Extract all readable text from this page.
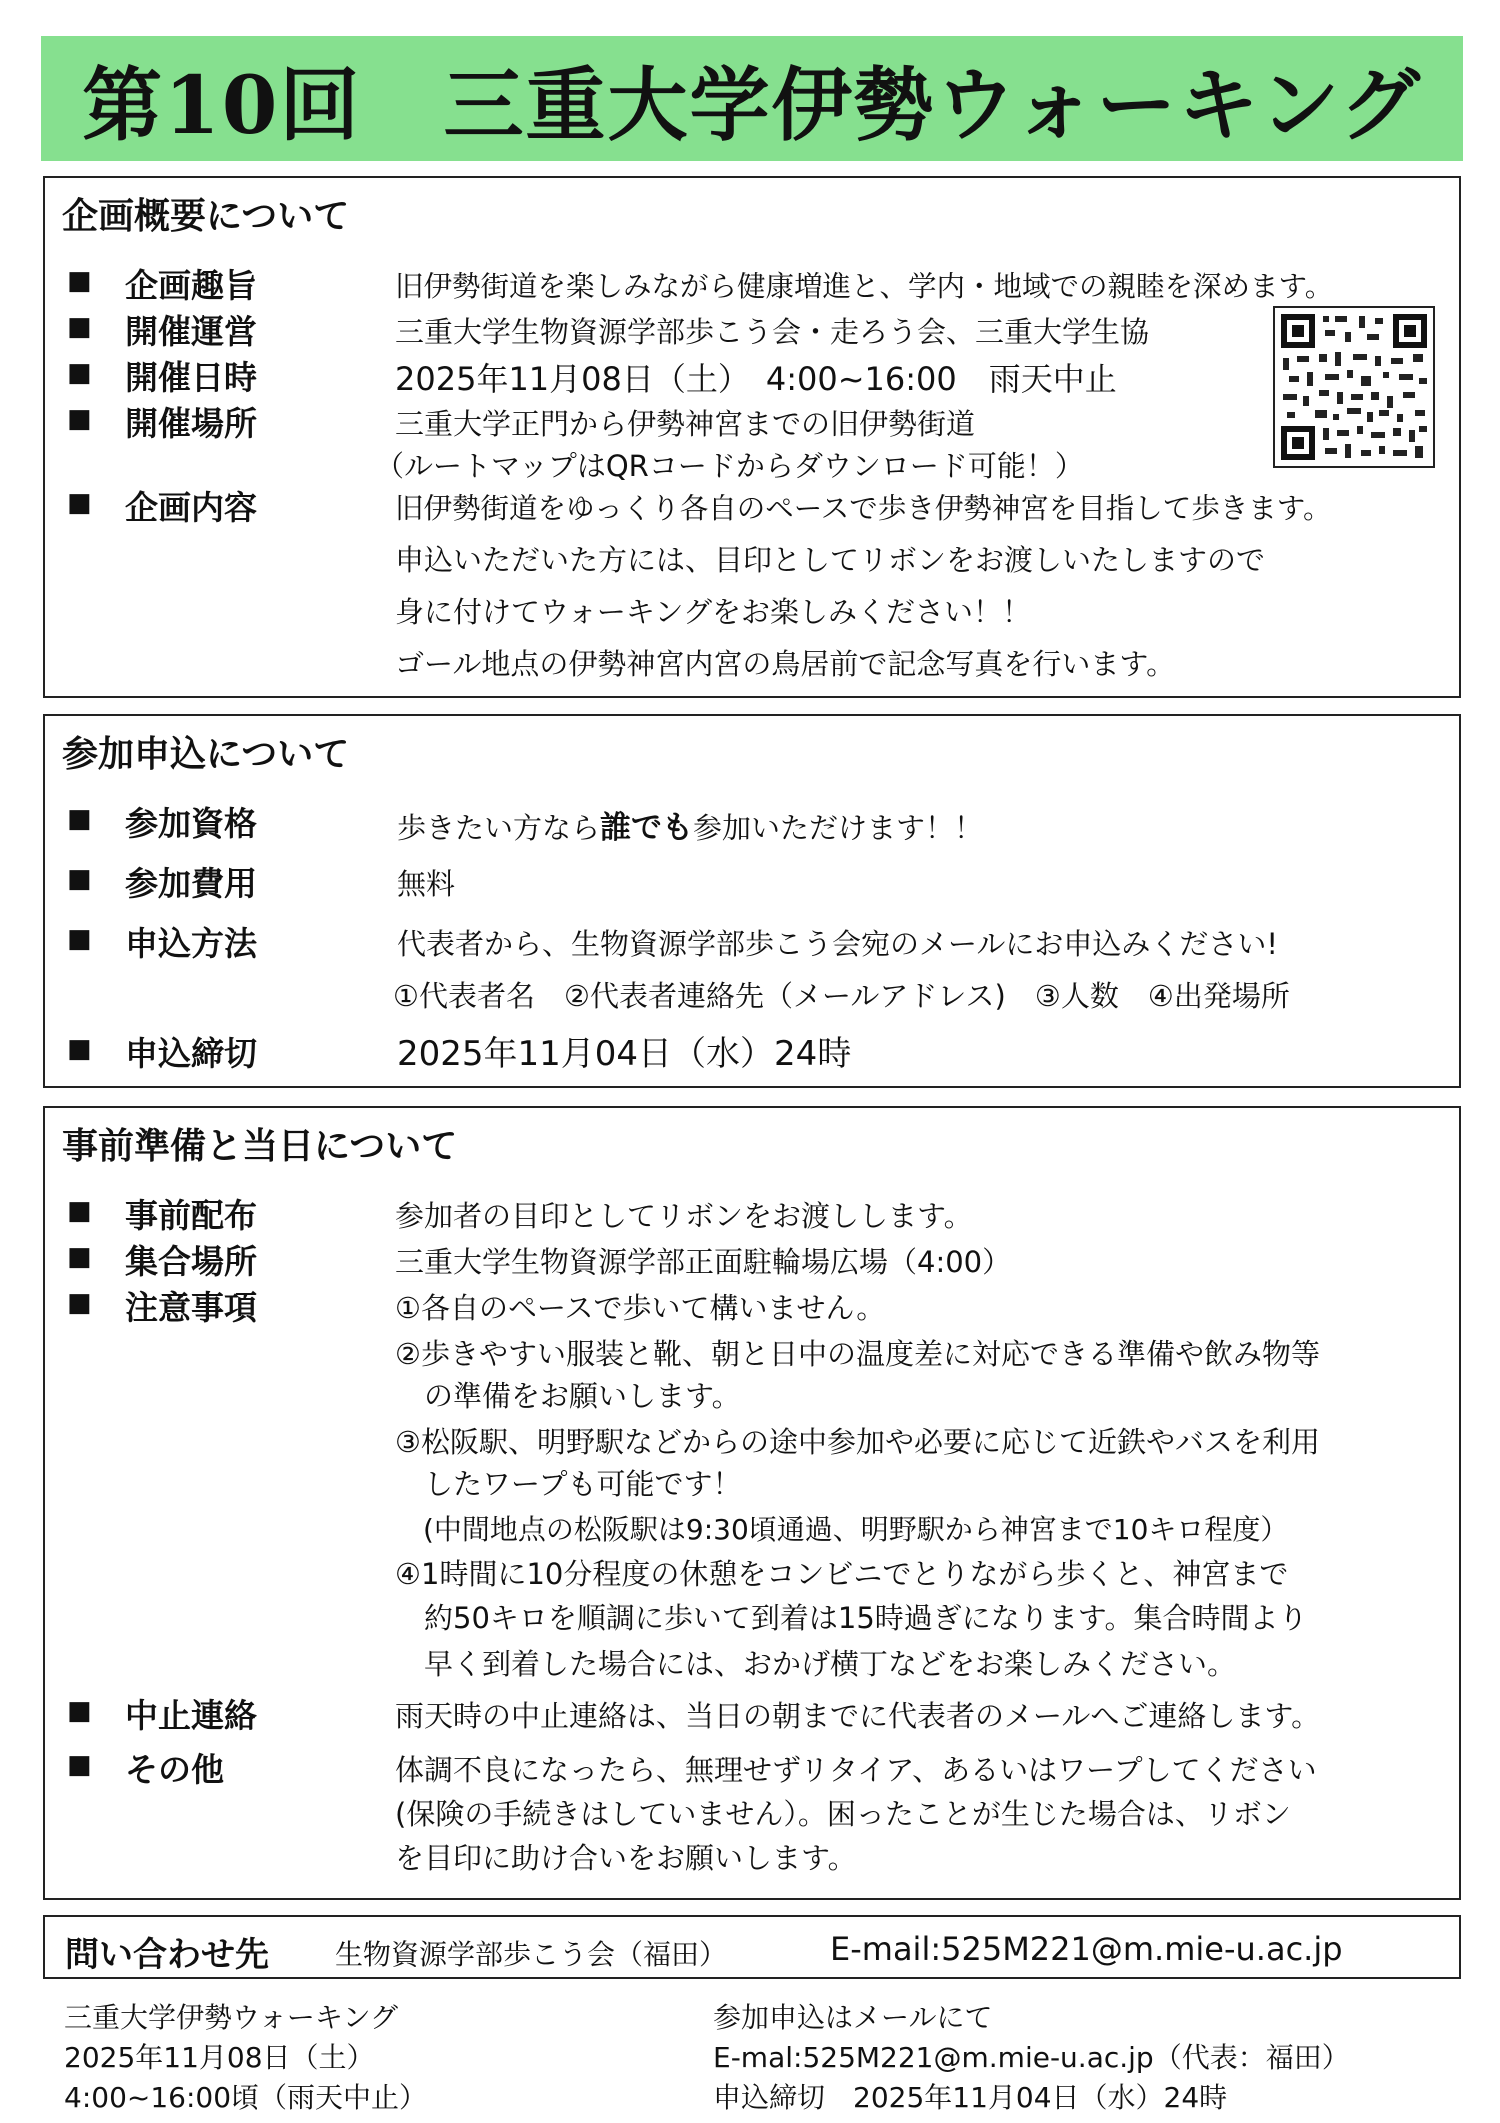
第10回　三重大学伊勢ウォーキング
企画概要について
■ 企画趣旨	旧伊勢街道を楽しみながら健康増進と、学内・地域での親睦を深めます。
■ 開催運営	三重大学生物資源学部歩こう会・走ろう会、三重大学生協
■ 開催日時	2025年11月08日（土）　4:00~16:00　雨天中止
■ 開催場所	三重大学正門から伊勢神宮までの旧伊勢街道
（ルートマップはQRコードからダウンロード可能！）
■ 企画内容	旧伊勢街道をゆっくり各自のペースで歩き伊勢神宮を目指して歩きます。
申込いただいた方には、目印としてリボンをお渡しいたしますので
身に付けてウォーキングをお楽しみください！！
ゴール地点の伊勢神宮内宮の鳥居前で記念写真を行います。
参加申込について
■ 参加資格	歩きたい方なら誰でも参加いただけます！！
■ 参加費用	無料
■ 申込方法	代表者から、生物資源学部歩こう会宛のメールにお申込みください!
①代表者名　②代表者連絡先（メールアドレス)　③人数　④出発場所
■ 申込締切	2025年11月04日（水）24時
事前準備と当日について
■ 事前配布	参加者の目印としてリボンをお渡しします。
■ 集合場所	三重大学生物資源学部正面駐輪場広場（4:00）
■ 注意事項	①各自のペースで歩いて構いません。
②歩きやすい服装と靴、朝と日中の温度差に対応できる準備や飲み物等
　の準備をお願いします。
③松阪駅、明野駅などからの途中参加や必要に応じて近鉄やバスを利用
　したワープも可能です！
　(中間地点の松阪駅は9:30頃通過、明野駅から神宮まで10キロ程度）
④1時間に10分程度の休憩をコンビニでとりながら歩くと、神宮まで
　約50キロを順調に歩いて到着は15時過ぎになります。集合時間より
　早く到着した場合には、おかげ横丁などをお楽しみください。
■ 中止連絡	雨天時の中止連絡は、当日の朝までに代表者のメールへご連絡します。
■ その他	体調不良になったら、無理せずリタイア、あるいはワープしてください
(保険の手続きはしていません）。困ったことが生じた場合は、リボン
を目印に助け合いをお願いします。
問い合わせ先 生物資源学部歩こう会（福田）	E-mail:525M221@m.mie-u.ac.jp
三重大学伊勢ウォーキング
2025年11月08日（土）
4:00~16:00頃（雨天中止）
参加申込はメールにて
E-mal:525M221@m.mie-u.ac.jp（代表：福田）
申込締切　2025年11月04日（水）24時
